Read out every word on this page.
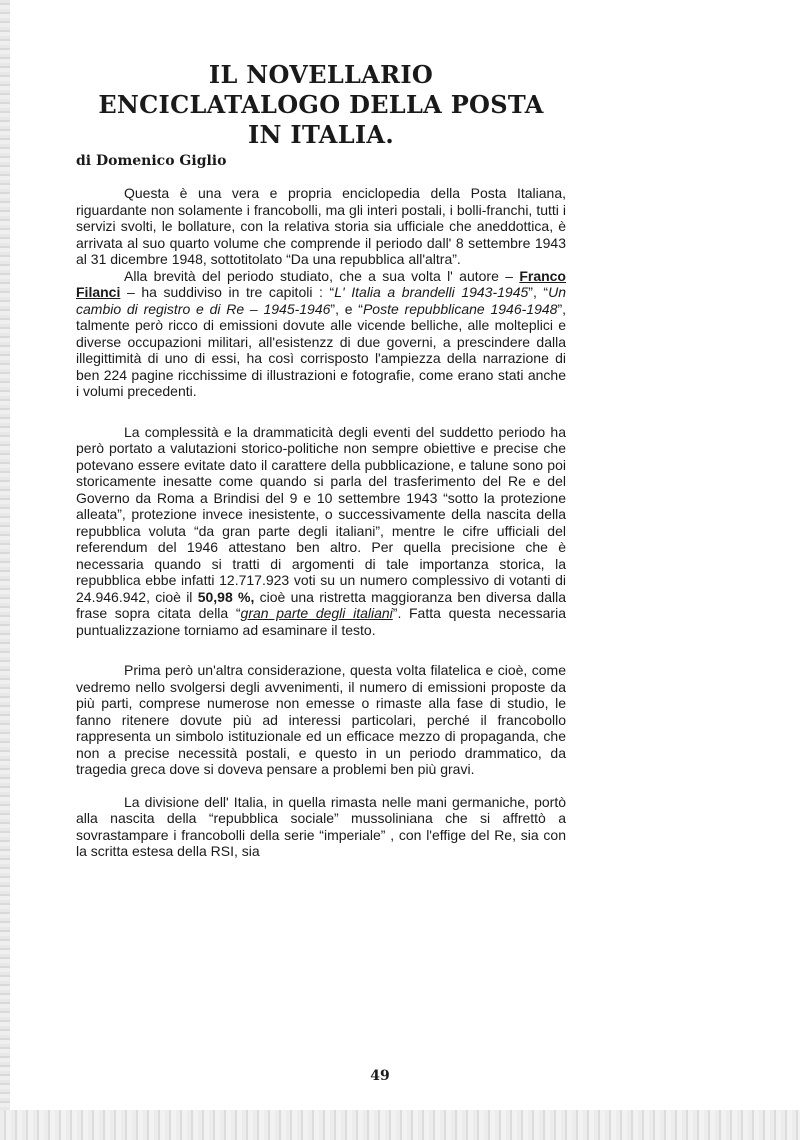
IL NOVELLARIO
ENCICLATALOGO DELLA POSTA
IN ITALIA.
di Domenico Giglio

Questa è una vera e propria enciclopedia della Posta Italiana, riguardante non solamente i francobolli, ma gli interi postali, i bolli-franchi, tutti i servizi svolti, le bollature, con la relativa storia sia ufficiale che aneddottica, è arrivata al suo quarto volume che comprende il periodo dall' 8 settembre 1943 al 31 dicembre 1948, sottotitolato “Da una repubblica all'altra”.

Alla brevità del periodo studiato, che a sua volta l' autore – Franco Filanci – ha suddiviso in tre capitoli : “L' Italia a brandelli 1943-1945”, “Un cambio di registro e di Re – 1945-1946”, e “Poste repubblicane 1946-1948”, talmente però ricco di emissioni dovute alle vicende belliche, alle molteplici e diverse occupazioni militari, all'esistenzz di due governi, a prescindere dalla illegittimità di uno di essi, ha così corrisposto l'ampiezza della narrazione di ben 224 pagine ricchissime di illustrazioni e fotografie, come erano stati anche i volumi precedenti.

La complessità e la drammaticità degli eventi del suddetto periodo ha però portato a valutazioni storico-politiche non sempre obiettive e precise che potevano essere evitate dato il carattere della pubblicazione, e talune sono poi storicamente inesatte come quando si parla del trasferimento del Re e del Governo da Roma a Brindisi del 9 e 10 settembre 1943 “sotto la protezione alleata”, protezione invece inesistente, o successivamente della nascita della repubblica voluta “da gran parte degli italiani”, mentre le cifre ufficiali del referendum del 1946 attestano ben altro. Per quella precisione che è necessaria quando si tratti di argomenti di tale importanza storica, la repubblica ebbe infatti 12.717.923 voti su un numero complessivo di votanti di 24.946.942, cioè il 50,98 %, cioè una ristretta maggioranza ben diversa dalla frase sopra citata della “gran parte degli italiani”. Fatta questa necessaria puntualizzazione torniamo ad esaminare il testo.

Prima però un'altra considerazione, questa volta filatelica e cioè, come vedremo nello svolgersi degli avvenimenti, il numero di emissioni proposte da più parti, comprese numerose non emesse o rimaste alla fase di studio, le fanno ritenere dovute più ad interessi particolari, perché il francobollo rappresenta un simbolo istituzionale ed un efficace mezzo di propaganda, che non a precise necessità postali, e questo in un periodo drammatico, da tragedia greca dove si doveva pensare a problemi ben più gravi.

La divisione dell' Italia, in quella rimasta nelle mani germaniche, portò alla nascita della “repubblica sociale” mussoliniana che si affrettò a sovrastampare i francobolli della serie “imperiale” , con l'effige del Re, sia con la scritta estesa della RSI, sia

49
